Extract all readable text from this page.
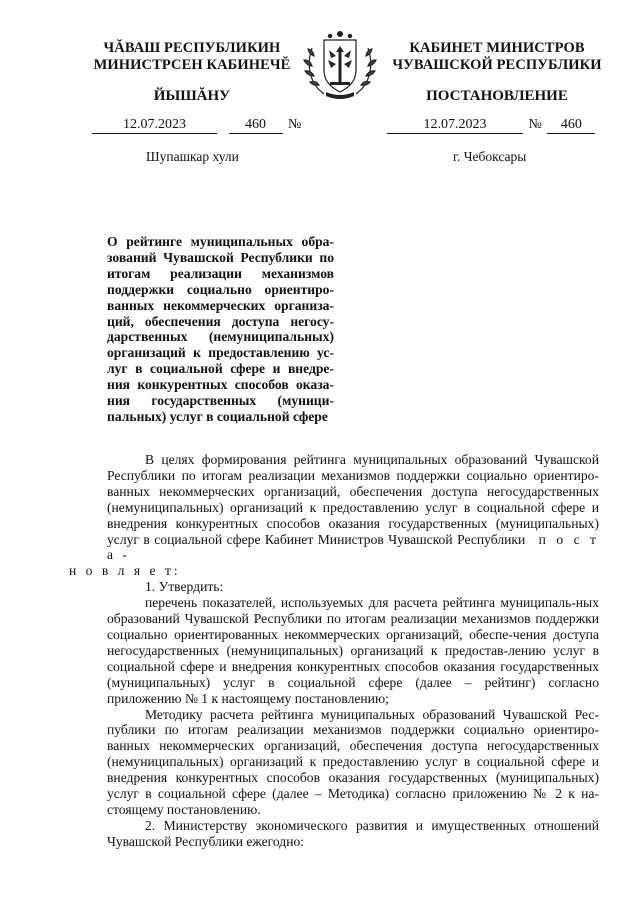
ЧĂВАШ РЕСПУБЛИКИН
МИНИСТРСЕН КАБИНЕЧĔ
ЙЫШĂНУ
КАБИНЕТ МИНИСТРОВ
ЧУВАШСКОЙ РЕСПУБЛИКИ
ПОСТАНОВЛЕНИЕ
12.07.2023	460 №	12.07.2023	№ 460
Шупашкар хули	г. Чебоксары
О рейтинге муниципальных обра-зований Чувашской Республики по итогам реализации механизмов поддержки социально ориентиро-ванных некоммерческих организа-ций, обеспечения доступа негосу-дарственных (немуниципальных) организаций к предоставлению ус-луг в социальной сфере и внедре-ния конкурентных способов оказа-ния государственных (муници-пальных) услуг в социальной сфере

В целях формирования рейтинга муниципальных образований Чувашской Республики по итогам реализации механизмов поддержки социально ориентиро-ванных некоммерческих организаций, обеспечения доступа негосударственных (немуниципальных) организаций к предоставлению услуг в социальной сфере и внедрения конкурентных способов оказания государственных (муниципальных) услуг в социальной сфере Кабинет Министров Чувашской Республики п о с т а -
н о в л я е т:

1. Утвердить:

перечень показателей, используемых для расчета рейтинга муниципаль-ных образований Чувашской Республики по итогам реализации механизмов поддержки социально ориентированных некоммерческих организаций, обеспе-чения доступа негосударственных (немуниципальных) организаций к предостав-лению услуг в социальной сфере и внедрения конкурентных способов оказания государственных (муниципальных) услуг в социальной сфере (далее – рейтинг) согласно приложению № 1 к настоящему постановлению;

Методику расчета рейтинга муниципальных образований Чувашской Рес-публики по итогам реализации механизмов поддержки социально ориентиро-ванных некоммерческих организаций, обеспечения доступа негосударственных (немуниципальных) организаций к предоставлению услуг в социальной сфере и внедрения конкурентных способов оказания государственных (муниципальных) услуг в социальной сфере (далее – Методика) согласно приложению № 2 к на-стоящему постановлению.

2. Министерству экономического развития и имущественных отношений Чувашской Республики ежегодно:
